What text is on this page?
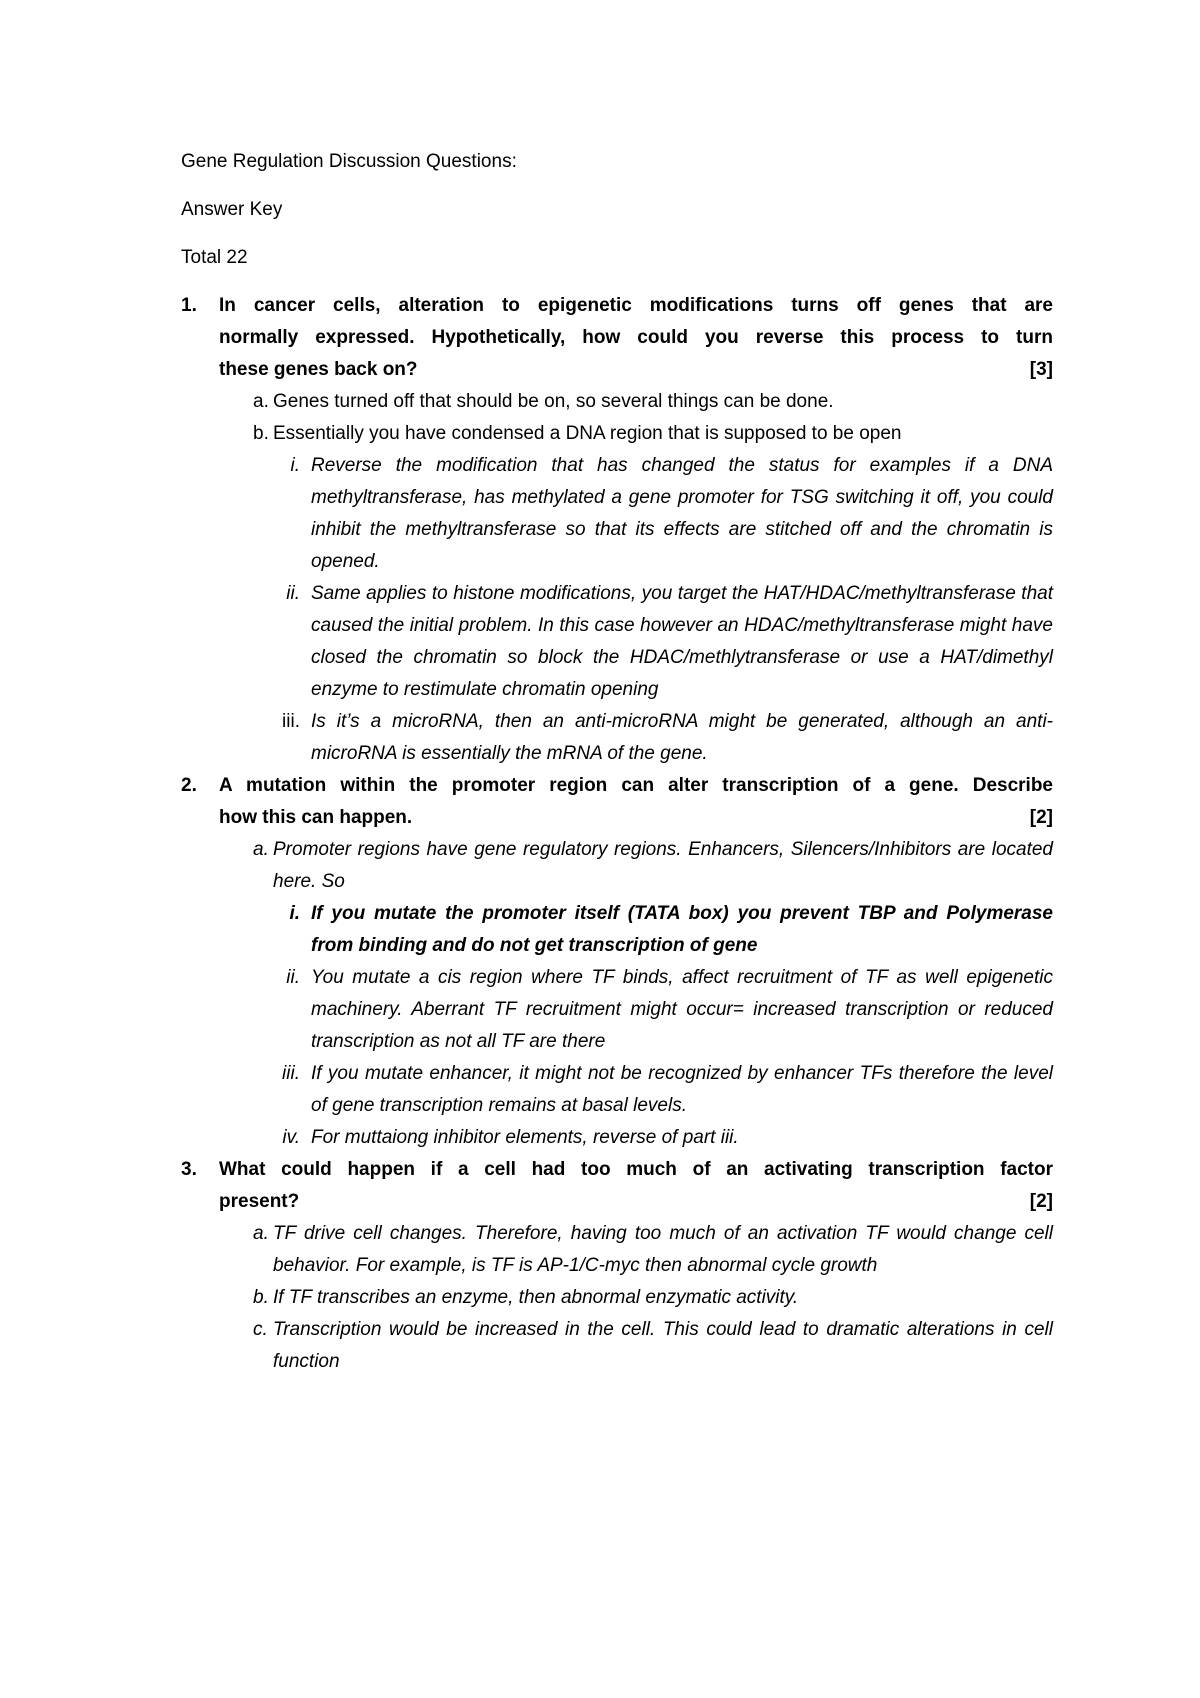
Gene Regulation Discussion Questions:
Answer Key
Total 22
1. In cancer cells, alteration to epigenetic modifications turns off genes that are
normally expressed. Hypothetically, how could you reverse this process to turn
these genes back on?	[3]
a. Genes turned off that should be on, so several things can be done.
b. Essentially you have condensed a DNA region that is supposed to be open
i. Reverse the modification that has changed the status for examples if a DNA methyltransferase, has methylated a gene promoter for TSG switching it off, you could inhibit the methyltransferase so that its effects are stitched off and the chromatin is opened.
ii. Same applies to histone modifications, you target the HAT/HDAC/methyltransferase that caused the initial problem. In this case however an HDAC/methyltransferase might have closed the chromatin so block the HDAC/methlytransferase or use a HAT/dimethyl enzyme to restimulate chromatin opening
iii. Is it’s a microRNA, then an anti-microRNA might be generated, although an anti-microRNA is essentially the mRNA of the gene.
2. A mutation within the promoter region can alter transcription of a gene. Describe
how this can happen.	[2]
a. Promoter regions have gene regulatory regions. Enhancers, Silencers/Inhibitors are located here. So
i. If you mutate the promoter itself (TATA box) you prevent TBP and Polymerase from binding and do not get transcription of gene
ii. You mutate a cis region where TF binds, affect recruitment of TF as well epigenetic machinery. Aberrant TF recruitment might occur= increased transcription or reduced transcription as not all TF are there
iii. If you mutate enhancer, it might not be recognized by enhancer TFs therefore the level of gene transcription remains at basal levels.
iv. For muttaiong inhibitor elements, reverse of part iii.
3. What could happen if a cell had too much of an activating transcription factor
present?	[2]
a. TF drive cell changes. Therefore, having too much of an activation TF would change cell behavior. For example, is TF is AP-1/C-myc then abnormal cycle growth
b. If TF transcribes an enzyme, then abnormal enzymatic activity.
c. Transcription would be increased in the cell. This could lead to dramatic alterations in cell function
